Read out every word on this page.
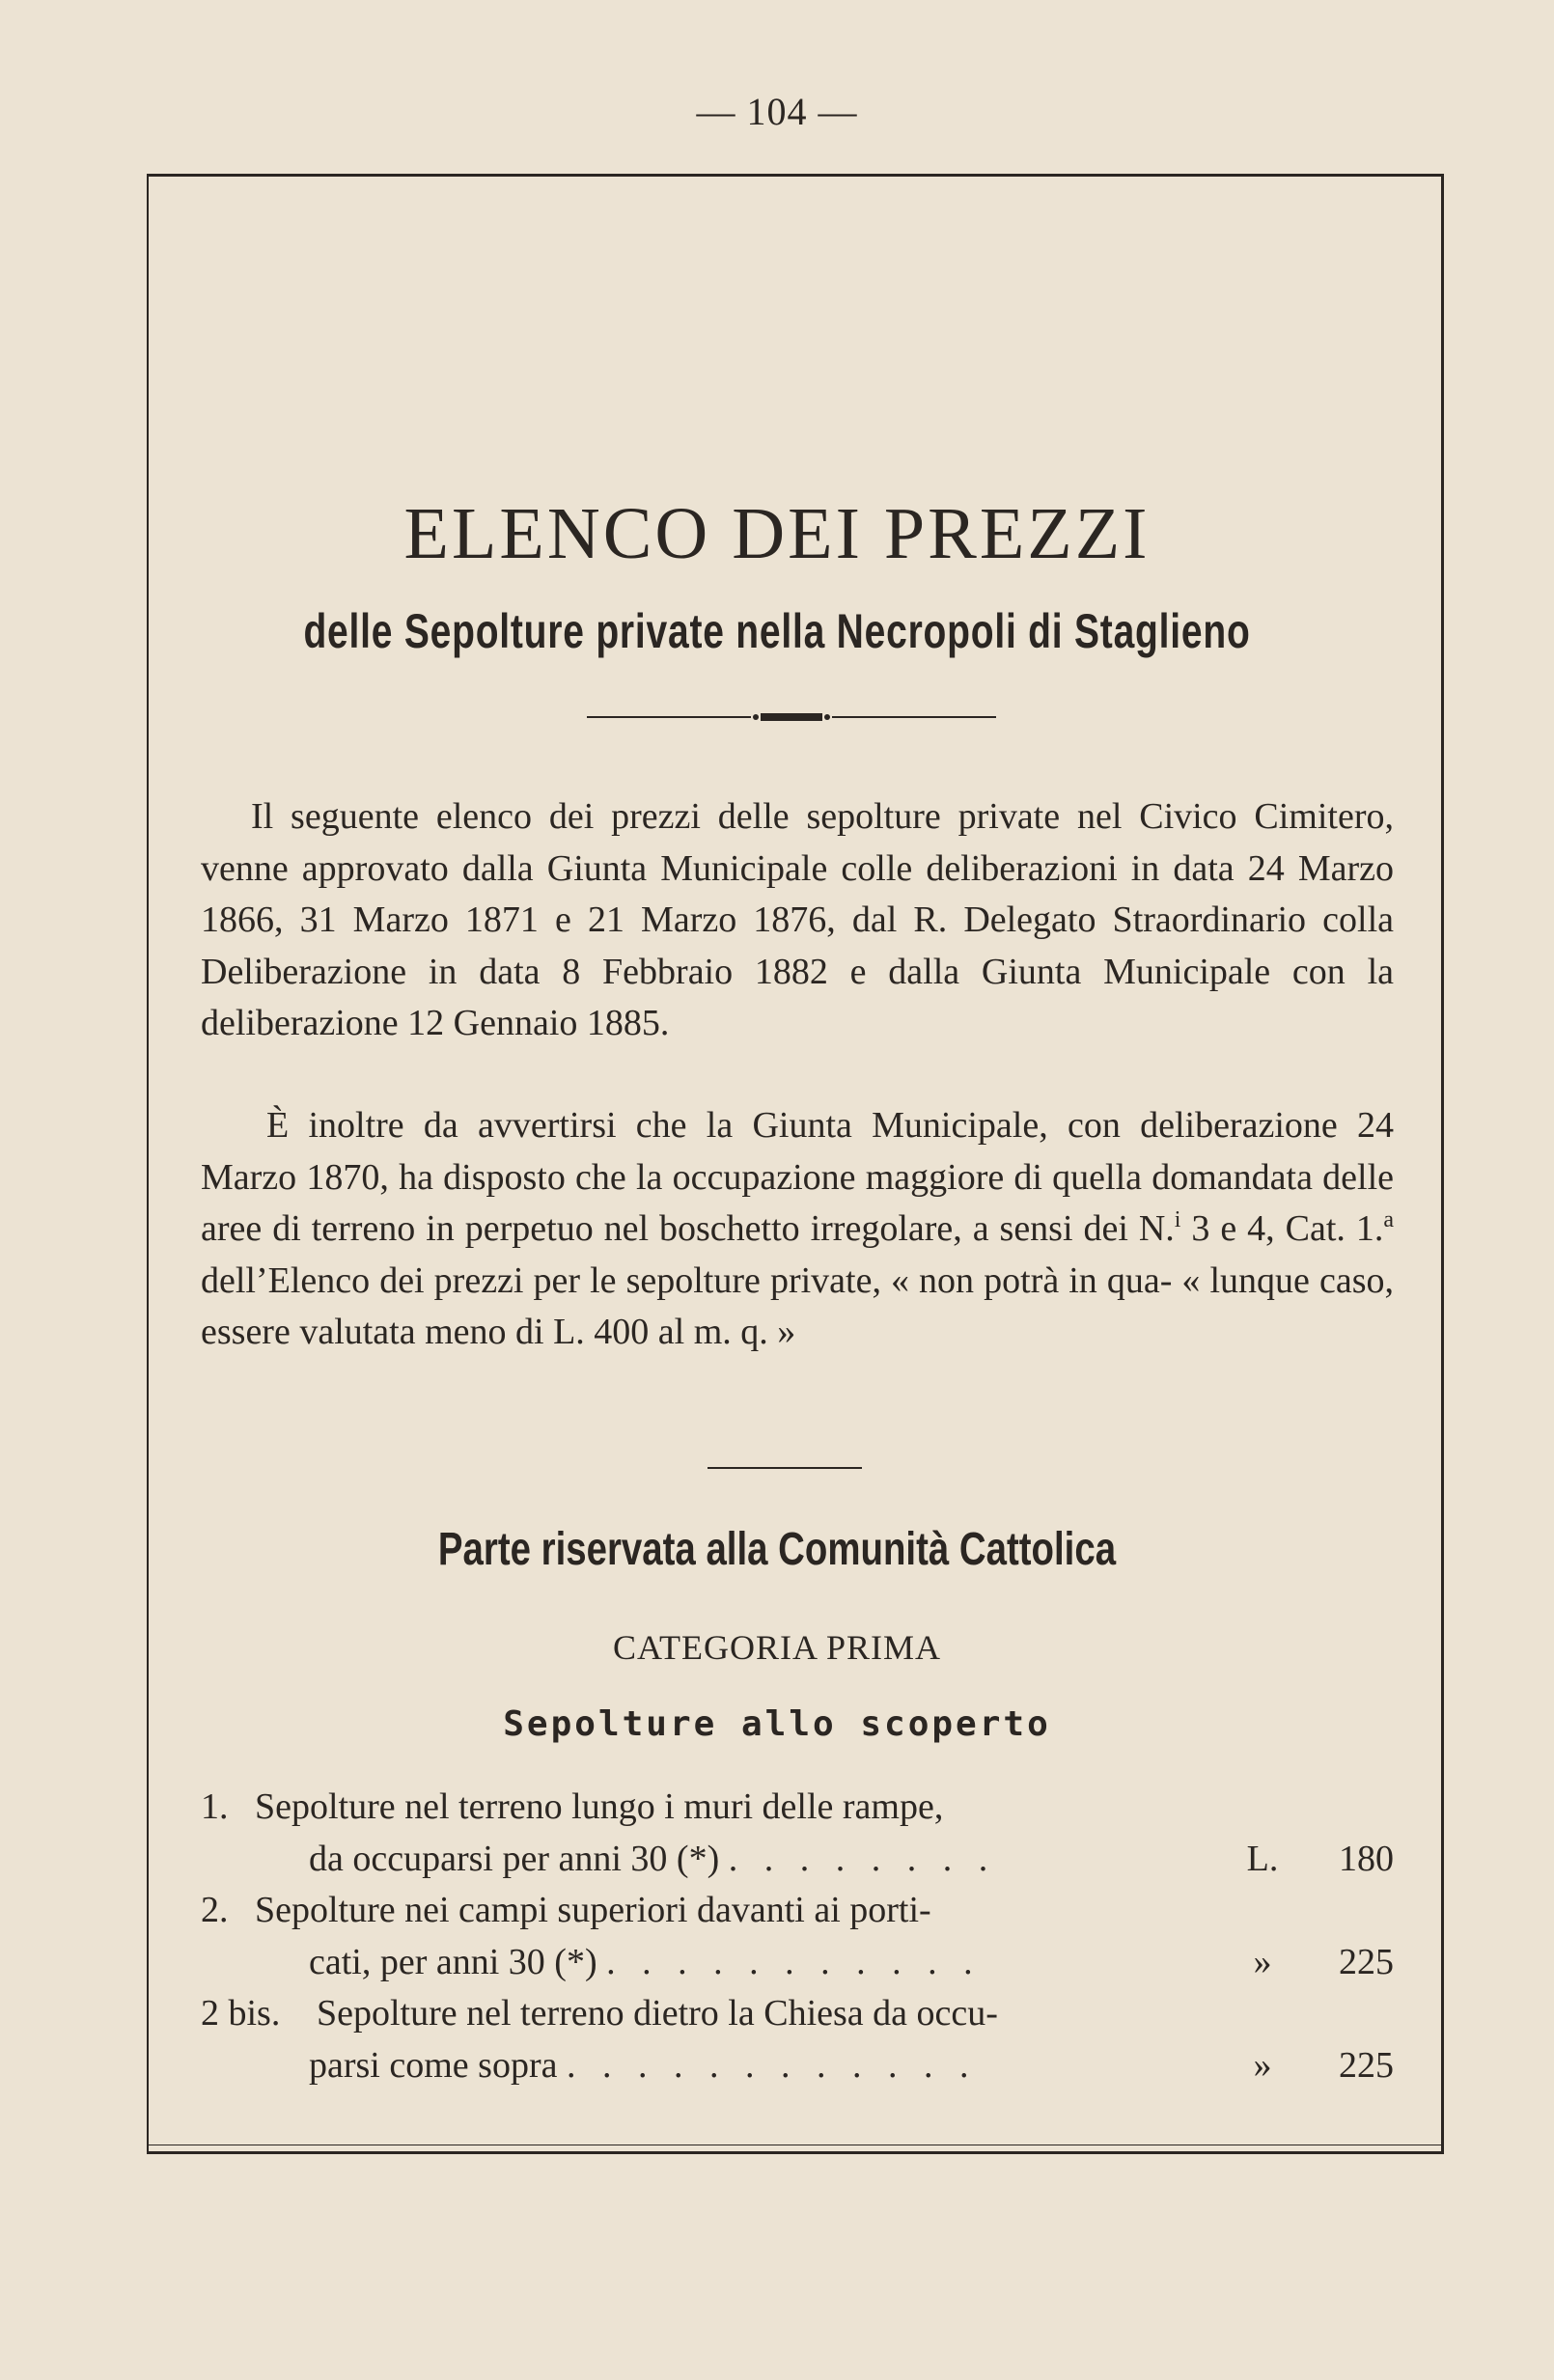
— 104 —
ELENCO DEI PREZZI
delle Sepolture private nella Necropoli di Staglieno
Il seguente elenco dei prezzi delle sepolture private nel Civico Cimitero, venne approvato dalla Giunta Municipale colle deliberazioni in data 24 Marzo 1866, 31 Marzo 1871 e 21 Marzo 1876, dal R. Delegato Straordinario colla Deliberazione in data 8 Febbraio 1882 e dalla Giunta Municipale con la deliberazione 12 Gennaio 1885.
È inoltre da avvertirsi che la Giunta Municipale, con deliberazione 24 Marzo 1870, ha disposto che la occupazione maggiore di quella domandata delle aree di terreno in perpetuo nel boschetto irregolare, a sensi dei N.$^i$ 3 e 4, Cat. 1.$^a$ dell’Elenco dei prezzi per le sepolture private, « non potrà in qua- « lunque caso, essere valutata meno di L. 400 al m. q. »
Parte riservata alla Comunità Cattolica
CATEGORIA PRIMA
Sepolture allo scoperto
1. Sepolture nel terreno lungo i muri delle rampe,
da occuparsi per anni 30 (*) . . . . . . . .	L.	180
2. Sepolture nei campi superiori davanti ai porti-
cati, per anni 30 (*) . . . . . . . . . . .	»	225
2 bis. Sepolture nel terreno dietro la Chiesa da occu-
parsi come sopra . . . . . . . . . . . .	»	225
